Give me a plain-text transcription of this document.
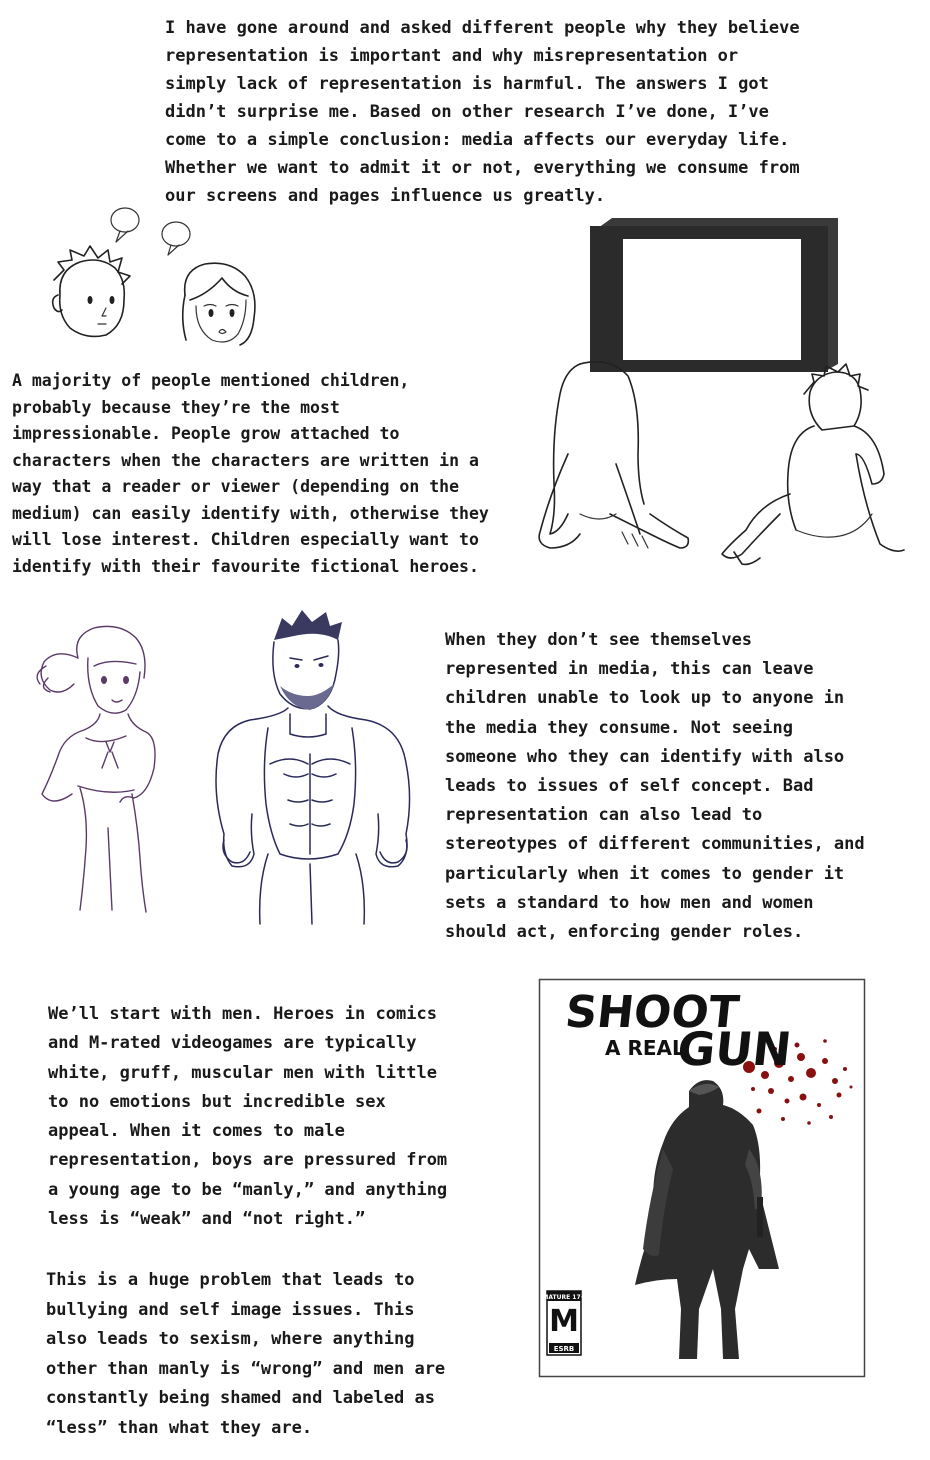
I have gone around and asked different people why they believe
representation is important and why misrepresentation or
simply lack of representation is harmful. The answers I got
didn’t surprise me. Based on other research I’ve done, I’ve
come to a simple conclusion: media affects our everyday life.
Whether we want to admit it or not, everything we consume from
our screens and pages influence us greatly.

A majority of people mentioned children,
probably because they’re the most
impressionable. People grow attached to
characters when the characters are written in a
way that a reader or viewer (depending on the
medium) can easily identify with, otherwise they
will lose interest. Children especially want to
identify with their favourite fictional heroes.

When they don’t see themselves
represented in media, this can leave
children unable to look up to anyone in
the media they consume. Not seeing
someone who they can identify with also
leads to issues of self concept. Bad
representation can also lead to
stereotypes of different communities, and
particularly when it comes to gender it
sets a standard to how men and women
should act, enforcing gender roles.

We’ll start with men. Heroes in comics
and M-rated videogames are typically
white, gruff, muscular men with little
to no emotions but incredible sex
appeal. When it comes to male
representation, boys are pressured from
a young age to be “manly,” and anything
less is “weak” and “not right.”

This is a huge problem that leads to
bullying and self image issues. This
also leads to sexism, where anything
other than manly is “wrong” and men are
constantly being shamed and labeled as
“less” than what they are.

SHOOT
A REAL
GUN
MATURE 17+
M
ESRB
